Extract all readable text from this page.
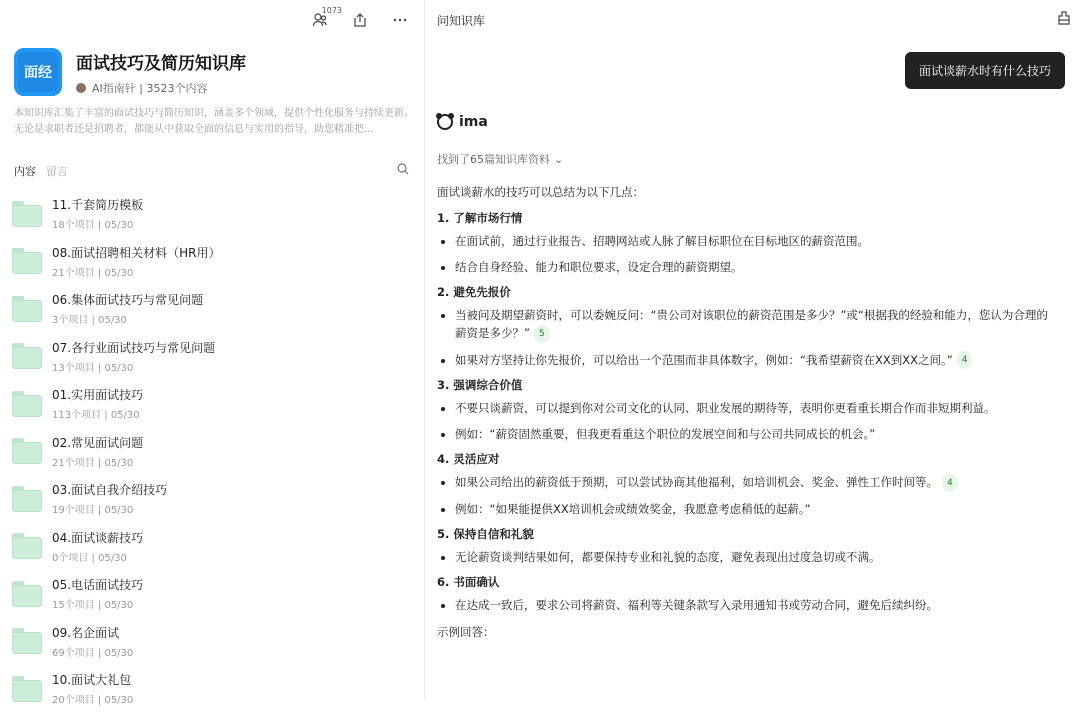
1073
面经 面试技巧及简历知识库
AI指南针 | 3523个内容
本知识库汇集了丰富的面试技巧与简历知识，涵盖多个领域，提供个性化服务与持续更新。无论是求职者还是招聘者，都能从中获取全面的信息与实用的指导，助您精准把...
内容 留言
11.千套简历模板
18个项目 | 05/30
08.面试招聘相关材料（HR用）
21个项目 | 05/30
06.集体面试技巧与常见问题
3个项目 | 05/30
07.各行业面试技巧与常见问题
13个项目 | 05/30
01.实用面试技巧
113个项目 | 05/30
02.常见面试问题
21个项目 | 05/30
03.面试自我介绍技巧
19个项目 | 05/30
04.面试谈薪技巧
0个项目 | 05/30
05.电话面试技巧
15个项目 | 05/30
09.名企面试
69个项目 | 05/30
10.面试大礼包
20个项目 | 05/30
问知识库
面试谈薪水时有什么技巧
ima
找到了65篇知识库资料 ⌄

面试谈薪水的技巧可以总结为以下几点：

1. 了解市场行情
• 在面试前，通过行业报告、招聘网站或人脉了解目标职位在目标地区的薪资范围。
• 结合自身经验、能力和职位要求，设定合理的薪资期望。
2. 避免先报价
• 当被问及期望薪资时，可以委婉反问：“贵公司对该职位的薪资范围是多少？”或“根据我的经验和能力，您认为合理的薪资是多少？” 5
• 如果对方坚持让你先报价，可以给出一个范围而非具体数字，例如：“我希望薪资在XX到XX之间。” 4
3. 强调综合价值
• 不要只谈薪资，可以提到你对公司文化的认同、职业发展的期待等，表明你更看重长期合作而非短期利益。
• 例如：“薪资固然重要，但我更看重这个职位的发展空间和与公司共同成长的机会。”
4. 灵活应对
• 如果公司给出的薪资低于预期，可以尝试协商其他福利，如培训机会、奖金、弹性工作时间等。 4
• 例如：“如果能提供XX培训机会或绩效奖金，我愿意考虑稍低的起薪。”
5. 保持自信和礼貌
• 无论薪资谈判结果如何，都要保持专业和礼貌的态度，避免表现出过度急切或不满。
6. 书面确认
• 在达成一致后，要求公司将薪资、福利等关键条款写入录用通知书或劳动合同，避免后续纠纷。
示例回答：
